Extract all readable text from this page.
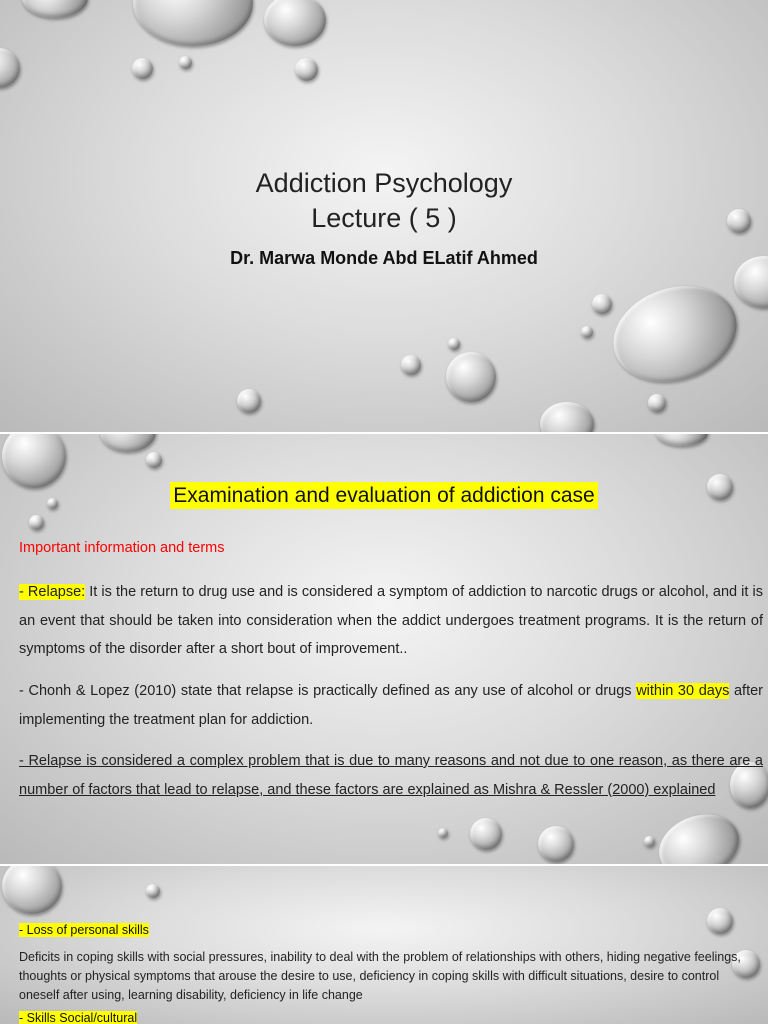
Addiction Psychology
Lecture ( 5 )
Dr. Marwa Monde Abd ELatif Ahmed
Examination and evaluation of addiction case
Important information and terms
- Relapse: It is the return to drug use and is considered a symptom of addiction to narcotic drugs or alcohol, and it is an event that should be taken into consideration when the addict undergoes treatment programs. It is the return of symptoms of the disorder after a short bout of improvement..
- Chonh & Lopez (2010) state that relapse is practically defined as any use of alcohol or drugs within 30 days after implementing the treatment plan for addiction.
- Relapse is considered a complex problem that is due to many reasons and not due to one reason, as there are a number of factors that lead to relapse, and these factors are explained as Mishra & Ressler (2000) explained
- Loss of personal skills
Deficits in coping skills with social pressures, inability to deal with the problem of relationships with others, hiding negative feelings, thoughts or physical symptoms that arouse the desire to use, deficiency in coping skills with difficult situations, desire to control oneself after using, learning disability, deficiency in life change
- Skills Social/cultural
